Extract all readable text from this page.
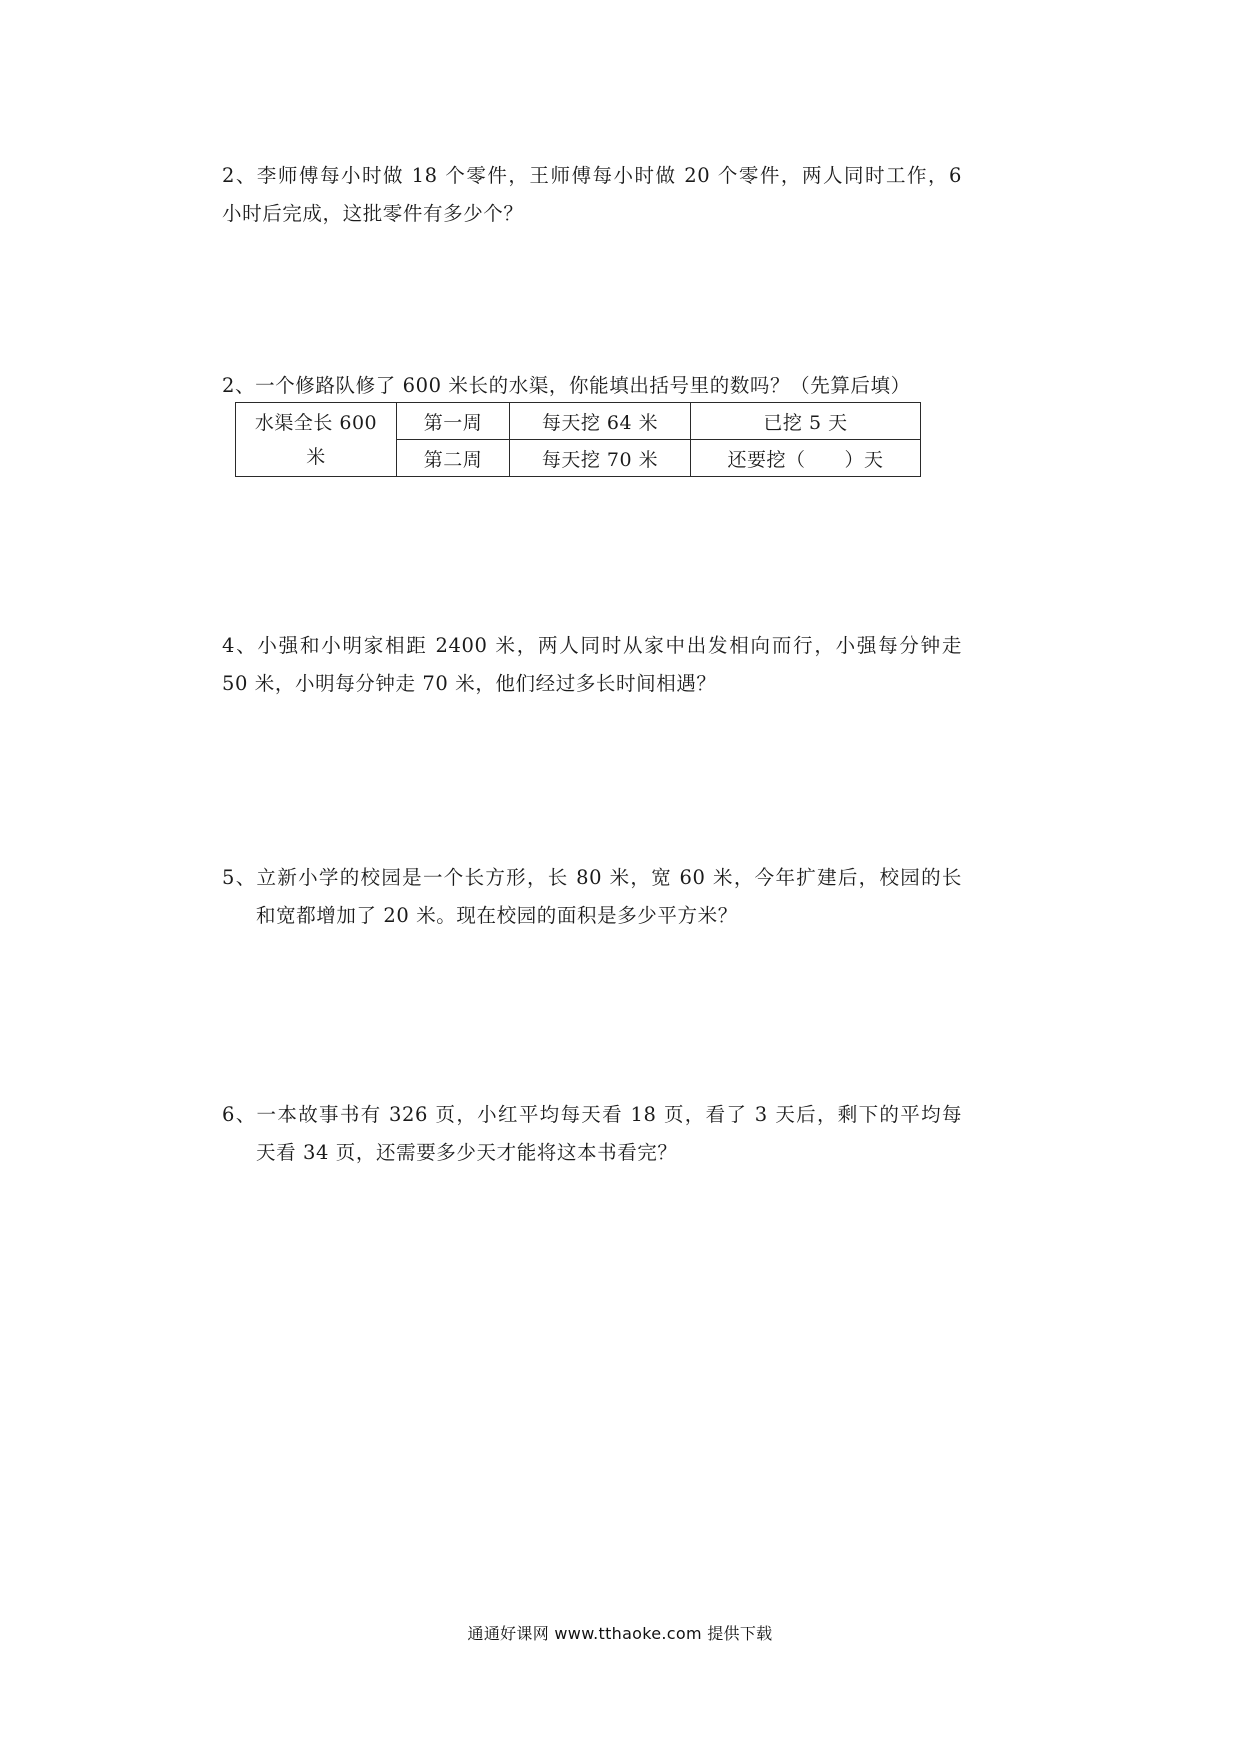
2、李师傅每小时做 18 个零件，王师傅每小时做 20 个零件，两人同时工作，6
小时后完成，这批零件有多少个？
2、一个修路队修了 600 米长的水渠，你能填出括号里的数吗？（先算后填）
水渠全长 600 米	第一周	每天挖 64 米	已挖 5 天
	第二周	每天挖 70 米	还要挖（　　）天
4、小强和小明家相距 2400 米，两人同时从家中出发相向而行，小强每分钟走
50 米，小明每分钟走 70 米，他们经过多长时间相遇？
5、立新小学的校园是一个长方形，长 80 米，宽 60 米，今年扩建后，校园的长
和宽都增加了 20 米。现在校园的面积是多少平方米？
6、一本故事书有 326 页，小红平均每天看 18 页，看了 3 天后，剩下的平均每
天看 34 页，还需要多少天才能将这本书看完？
通通好课网 www.tthaoke.com 提供下载
